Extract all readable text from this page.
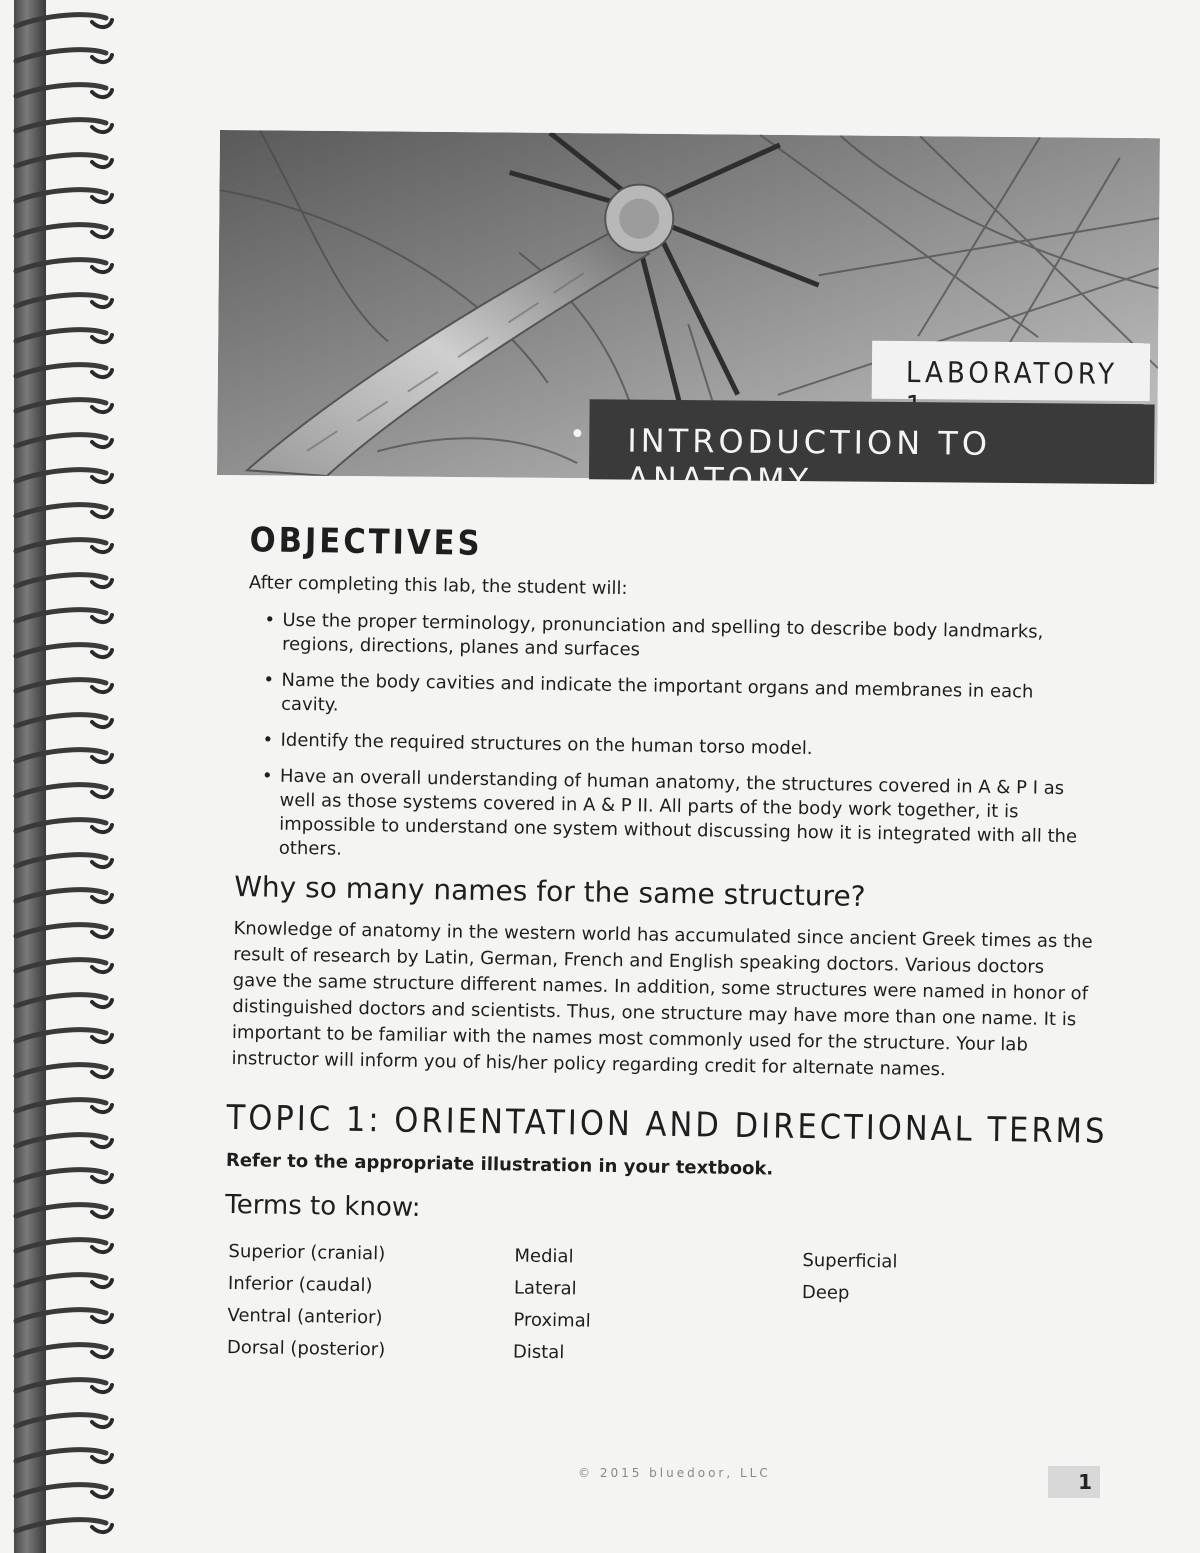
LABORATORY
INTRODUCTION TO ANATOMY
OBJECTIVES

After completing this lab, the student will:

• Use the proper terminology, pronunciation and spelling to describe body landmarks, regions, directions, planes and surfaces
• Name the body cavities and indicate the important organs and membranes in each cavity.
• Identify the required structures on the human torso model.
• Have an overall understanding of human anatomy, the structures covered in A & P I as well as those systems covered in A & P II. All parts of the body work together, it is impossible to understand one system without discussing how it is integrated with all the others.
Why so many names for the same structure?

Knowledge of anatomy in the western world has accumulated since ancient Greek times as the result of research by Latin, German, French and English speaking doctors. Various doctors gave the same structure different names. In addition, some structures were named in honor of distinguished doctors and scientists. Thus, one structure may have more than one name. It is important to be familiar with the names most commonly used for the structure. Your lab instructor will inform you of his/her policy regarding credit for alternate names.

TOPIC 1: ORIENTATION AND DIRECTIONAL TERMS

Refer to the appropriate illustration in your textbook.

Terms to know:
Superior (cranial)
Inferior (caudal)
Ventral (anterior)
Dorsal (posterior)
Medial
Lateral
Proximal
Distal
Superficial
Deep
© 2015 bluedoor, LLC	1
